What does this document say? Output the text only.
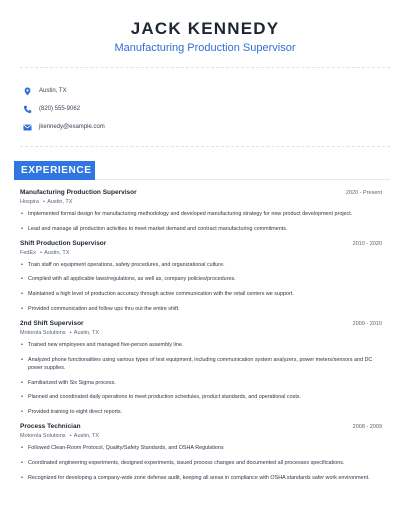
JACK KENNEDY
Manufacturing Production Supervisor
Austin, TX
(820) 555-9062
jkennedy@example.com
EXPERIENCE
Manufacturing Production Supervisor	2020 - Present
Hospira  • Austin, TX
• Implemented formal design for manufacturing methodology and developed manufacturing strategy for new product development project.
• Lead and manage all production activities to meet market demand and contract manufacturing commitments.
Shift Production Supervisor	2010 - 2020
FedEx  • Austin, TX
• Train staff on equipment operations, safety procedures, and organizational culture.
• Complied with all applicable laws/regulations, as well as, company policies/procedures.
• Maintained a high level of production accuracy through active communication with the retail centers we support.
• Provided communication and follow ups thru out the entire shift.
2nd Shift Supervisor	2009 - 2010
Motorola Solutions  • Austin, TX
• Trained new employees and managed five-person assembly line.
• Analyzed phone functionalities using various types of test equipment, including communication system analyzers, power meters/sensors and DC power supplies.
• Familiarized with Six Sigma process.
• Planned and coordinated daily operations to meet production schedules, product standards, and operational costs.
• Provided training to eight direct reports.
Process Technician	2008 - 2009
Motorola Solutions  • Austin, TX
• Followed Clean-Room Protocol, Quality/Safety Standards, and OSHA Regulations
• Coordinated engineering experiments, designed experiments, issued process changes and documented all processes specifications.
• Recognized for developing a company-wide zone defense audit, keeping all areas in compliance with OSHA standards safer work environment.
